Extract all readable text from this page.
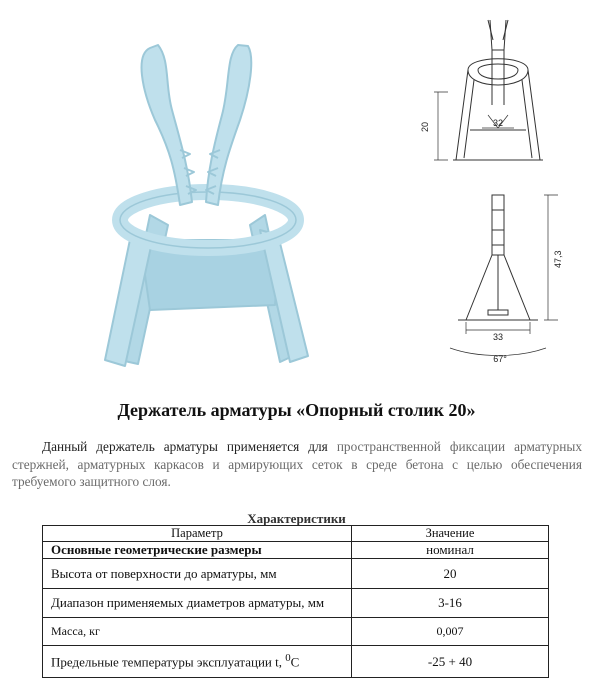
20	32
47,3
33
67°
Держатель арматуры «Опорный столик 20»
Данный держатель арматуры применяется для пространственной фиксации арматурных стержней, арматурных каркасов и армирующих сеток в среде бетона с целью обеспечения требуемого защитного слоя.
Характеристики
Параметр	Значение
Основные геометрические размеры	номинал
Высота от поверхности до арматуры, мм	20
Диапазон применяемых диаметров арматуры, мм	3-16
Масса, кг	0,007
Предельные температуры эксплуатации t, $^0$С	-25 + 40
